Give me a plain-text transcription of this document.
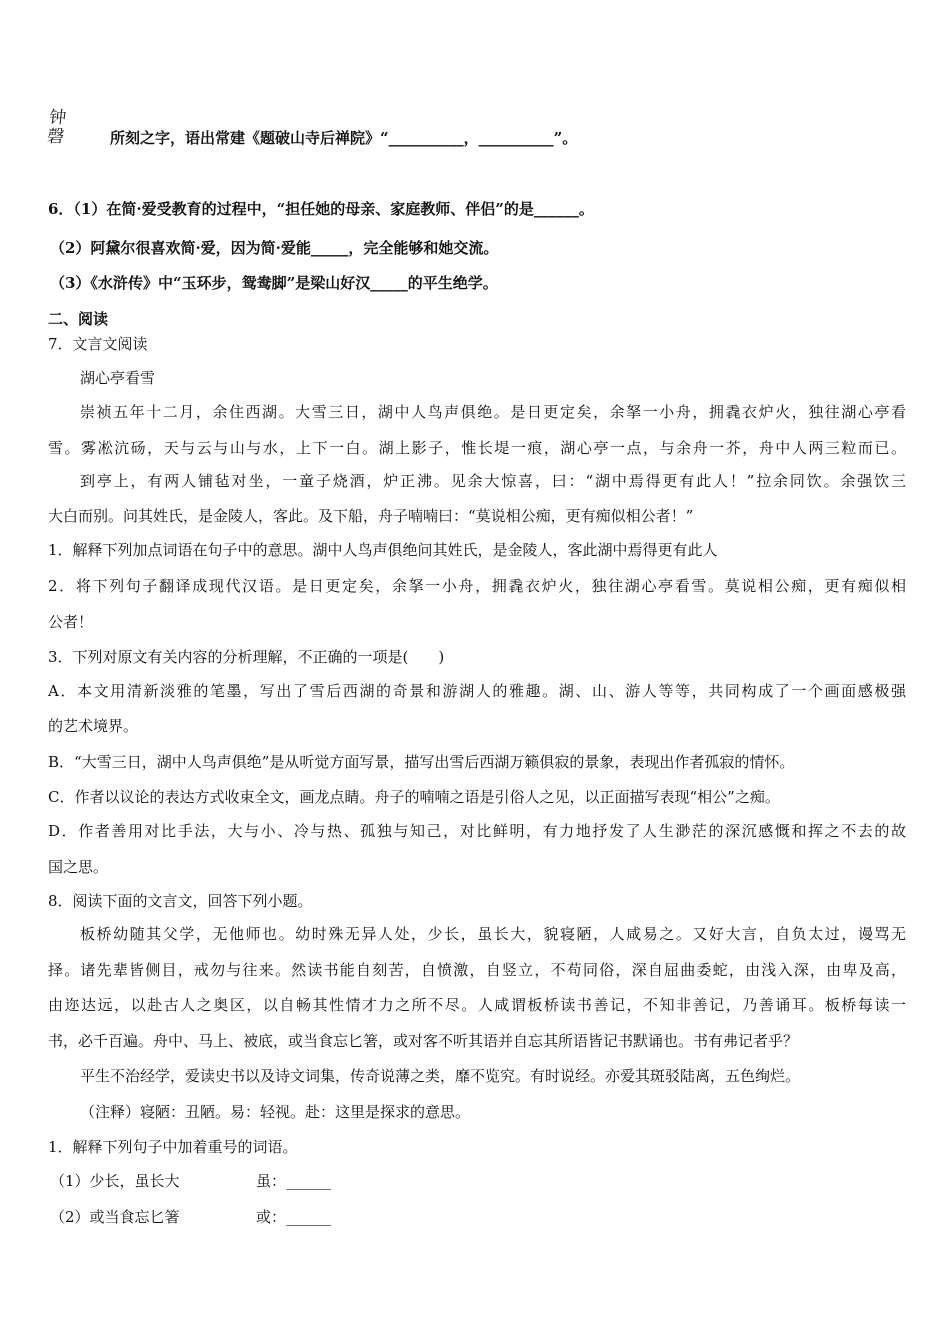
钟
磬	所刻之字，语出常建《题破山寺后禅院》“__________，__________”。
6．（1）在简·爱受教育的过程中，“担任她的母亲、家庭教师、伴侣”的是______。
（2）阿黛尔很喜欢简·爱，因为简·爱能_____，完全能够和她交流。
（3）《水浒传》中“玉环步，鸳鸯脚”是梁山好汉_____的平生绝学。
二、阅读
7．文言文阅读
湖心亭看雪
崇祯五年十二月，余住西湖。大雪三日，湖中人鸟声俱绝。是日更定矣，余拏一小舟，拥毳衣炉火，独往湖心亭看
雪。雾凇沆砀，天与云与山与水，上下一白。湖上影子，惟长堤一痕，湖心亭一点，与余舟一芥，舟中人两三粒而已。
到亭上，有两人铺毡对坐，一童子烧酒，炉正沸。见余大惊喜，曰：“湖中焉得更有此人！”拉余同饮。余强饮三
大白而别。问其姓氏，是金陵人，客此。及下船，舟子喃喃曰：“莫说相公痴，更有痴似相公者！”
1．解释下列加点词语在句子中的意思。湖中人鸟声俱绝问其姓氏，是金陵人，客此湖中焉得更有此人
2．将下列句子翻译成现代汉语。是日更定矣，余拏一小舟，拥毳衣炉火，独往湖心亭看雪。莫说相公痴，更有痴似相
公者！
3．下列对原文有关内容的分析理解，不正确的一项是(　　)
A．本文用清新淡雅的笔墨，写出了雪后西湖的奇景和游湖人的雅趣。湖、山、游人等等，共同构成了一个画面感极强
的艺术境界。
B．“大雪三日，湖中人鸟声俱绝”是从听觉方面写景，描写出雪后西湖万籁俱寂的景象，表现出作者孤寂的情怀。
C．作者以议论的表达方式收束全文，画龙点睛。舟子的喃喃之语是引俗人之见，以正面描写表现“相公”之痴。
D．作者善用对比手法，大与小、冷与热、孤独与知己，对比鲜明，有力地抒发了人生渺茫的深沉感慨和挥之不去的故
国之思。
8．阅读下面的文言文，回答下列小题。
板桥幼随其父学，无他师也。幼时殊无异人处，少长，虽长大，貌寝陋，人咸易之。又好大言，自负太过，谩骂无
择。诸先辈皆侧目，戒勿与往来。然读书能自刻苦，自愤激，自竖立，不苟同俗，深自屈曲委蛇，由浅入深，由卑及高，
由迩达远，以赴古人之奥区，以自畅其性情才力之所不尽。人咸谓板桥读书善记，不知非善记，乃善诵耳。板桥每读一
书，必千百遍。舟中、马上、被底，或当食忘匕箸，或对客不听其语并自忘其所语皆记书默诵也。书有弗记者乎？
平生不治经学，爱读史书以及诗文词集，传奇说薄之类，靡不览究。有时说经。亦爱其斑驳陆离，五色绚烂。
（注释）寝陋：丑陋。易：轻视。赴：这里是探求的意思。
1．解释下列句子中加着重号的词语。
（1）少长，虽长大	虽：______
（2）或当食忘匕箸	或：______
